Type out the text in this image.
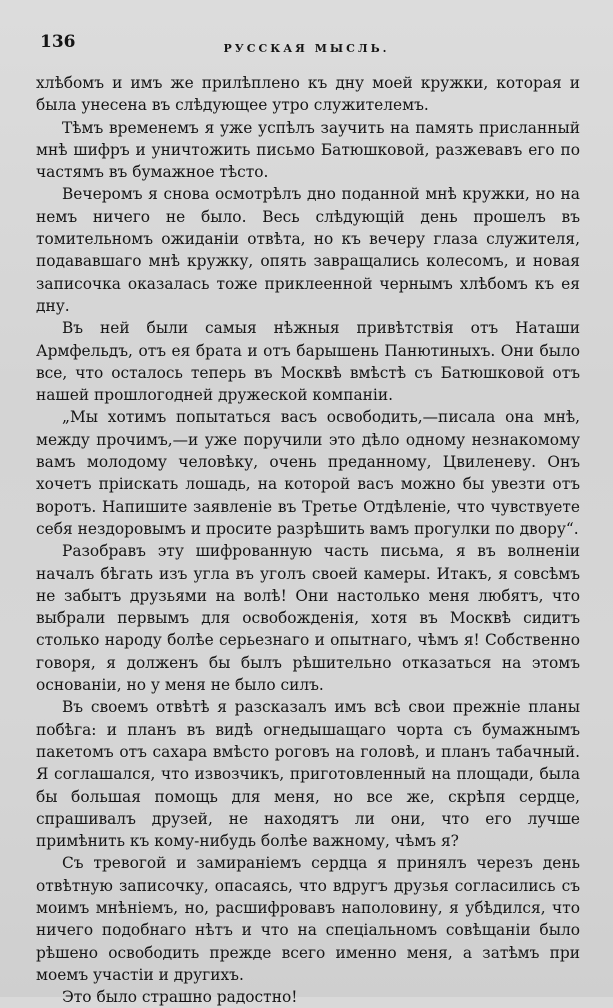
136	РУССКАЯ МЫСЛЬ.

хлѣбомъ и имъ же прилѣплено къ дну моей кружки, которая и была унесена въ слѣдующее утро служителемъ.

Тѣмъ временемъ я уже успѣлъ заучить на память присланный мнѣ шифръ и уничтожить письмо Батюшковой, разжевавъ его по частямъ въ бумажное тѣсто.

Вечеромъ я снова осмотрѣлъ дно поданной мнѣ кружки, но на немъ ничего не было. Весь слѣдующій день прошелъ въ томительномъ ожиданіи отвѣта, но къ вечеру глаза служителя, подававшаго мнѣ кружку, опять завращались колесомъ, и новая записочка оказалась тоже приклеенной чернымъ хлѣбомъ къ ея дну.

Въ ней были самыя нѣжныя привѣтствія отъ Наташи Армфельдъ, отъ ея брата и отъ барышень Панютиныхъ. Они было все, что осталось теперь въ Москвѣ вмѣстѣ съ Батюшковой отъ нашей прошлогодней дружеской компаніи.

„Мы хотимъ попытаться васъ освободить,—писала она мнѣ, между прочимъ,—и уже поручили это дѣло одному незнакомому вамъ молодому человѣку, очень преданному, Цвиленеву. Онъ хочетъ пріискать лошадь, на которой васъ можно бы увезти отъ воротъ. Напишите заявленіе въ Третье Отдѣленіе, что чувствуете себя нездоровымъ и просите разрѣшить вамъ прогулки по двору“.

Разобравъ эту шифрованную часть письма, я въ волненіи началъ бѣгать изъ угла въ уголъ своей камеры. Итакъ, я совсѣмъ не забытъ друзьями на волѣ! Они настолько меня любятъ, что выбрали первымъ для освобожденія, хотя въ Москвѣ сидитъ столько народу болѣе серьезнаго и опытнаго, чѣмъ я! Собственно говоря, я долженъ бы былъ рѣшительно отказаться на этомъ основаніи, но у меня не было силъ.

Въ своемъ отвѣтѣ я разсказалъ имъ всѣ свои прежніе планы побѣга: и планъ въ видѣ огнедышащаго чорта съ бумажнымъ пакетомъ отъ сахара вмѣсто роговъ на головѣ, и планъ табачный. Я соглашался, что извозчикъ, приготовленный на площади, была бы большая помощь для меня, но все же, скрѣпя сердце, спрашивалъ друзей, не находятъ ли они, что его лучше примѣнить къ кому-нибудь болѣе важному, чѣмъ я?

Съ тревогой и замираніемъ сердца я принялъ черезъ день отвѣтную записочку, опасаясь, что вдругъ друзья согласились съ моимъ мнѣніемъ, но, расшифровавъ наполовину, я убѣдился, что ничего подобнаго нѣтъ и что на спеціальномъ совѣщаніи было рѣшено освободить прежде всего именно меня, а затѣмъ при моемъ участіи и другихъ.

Это было страшно радостно!
